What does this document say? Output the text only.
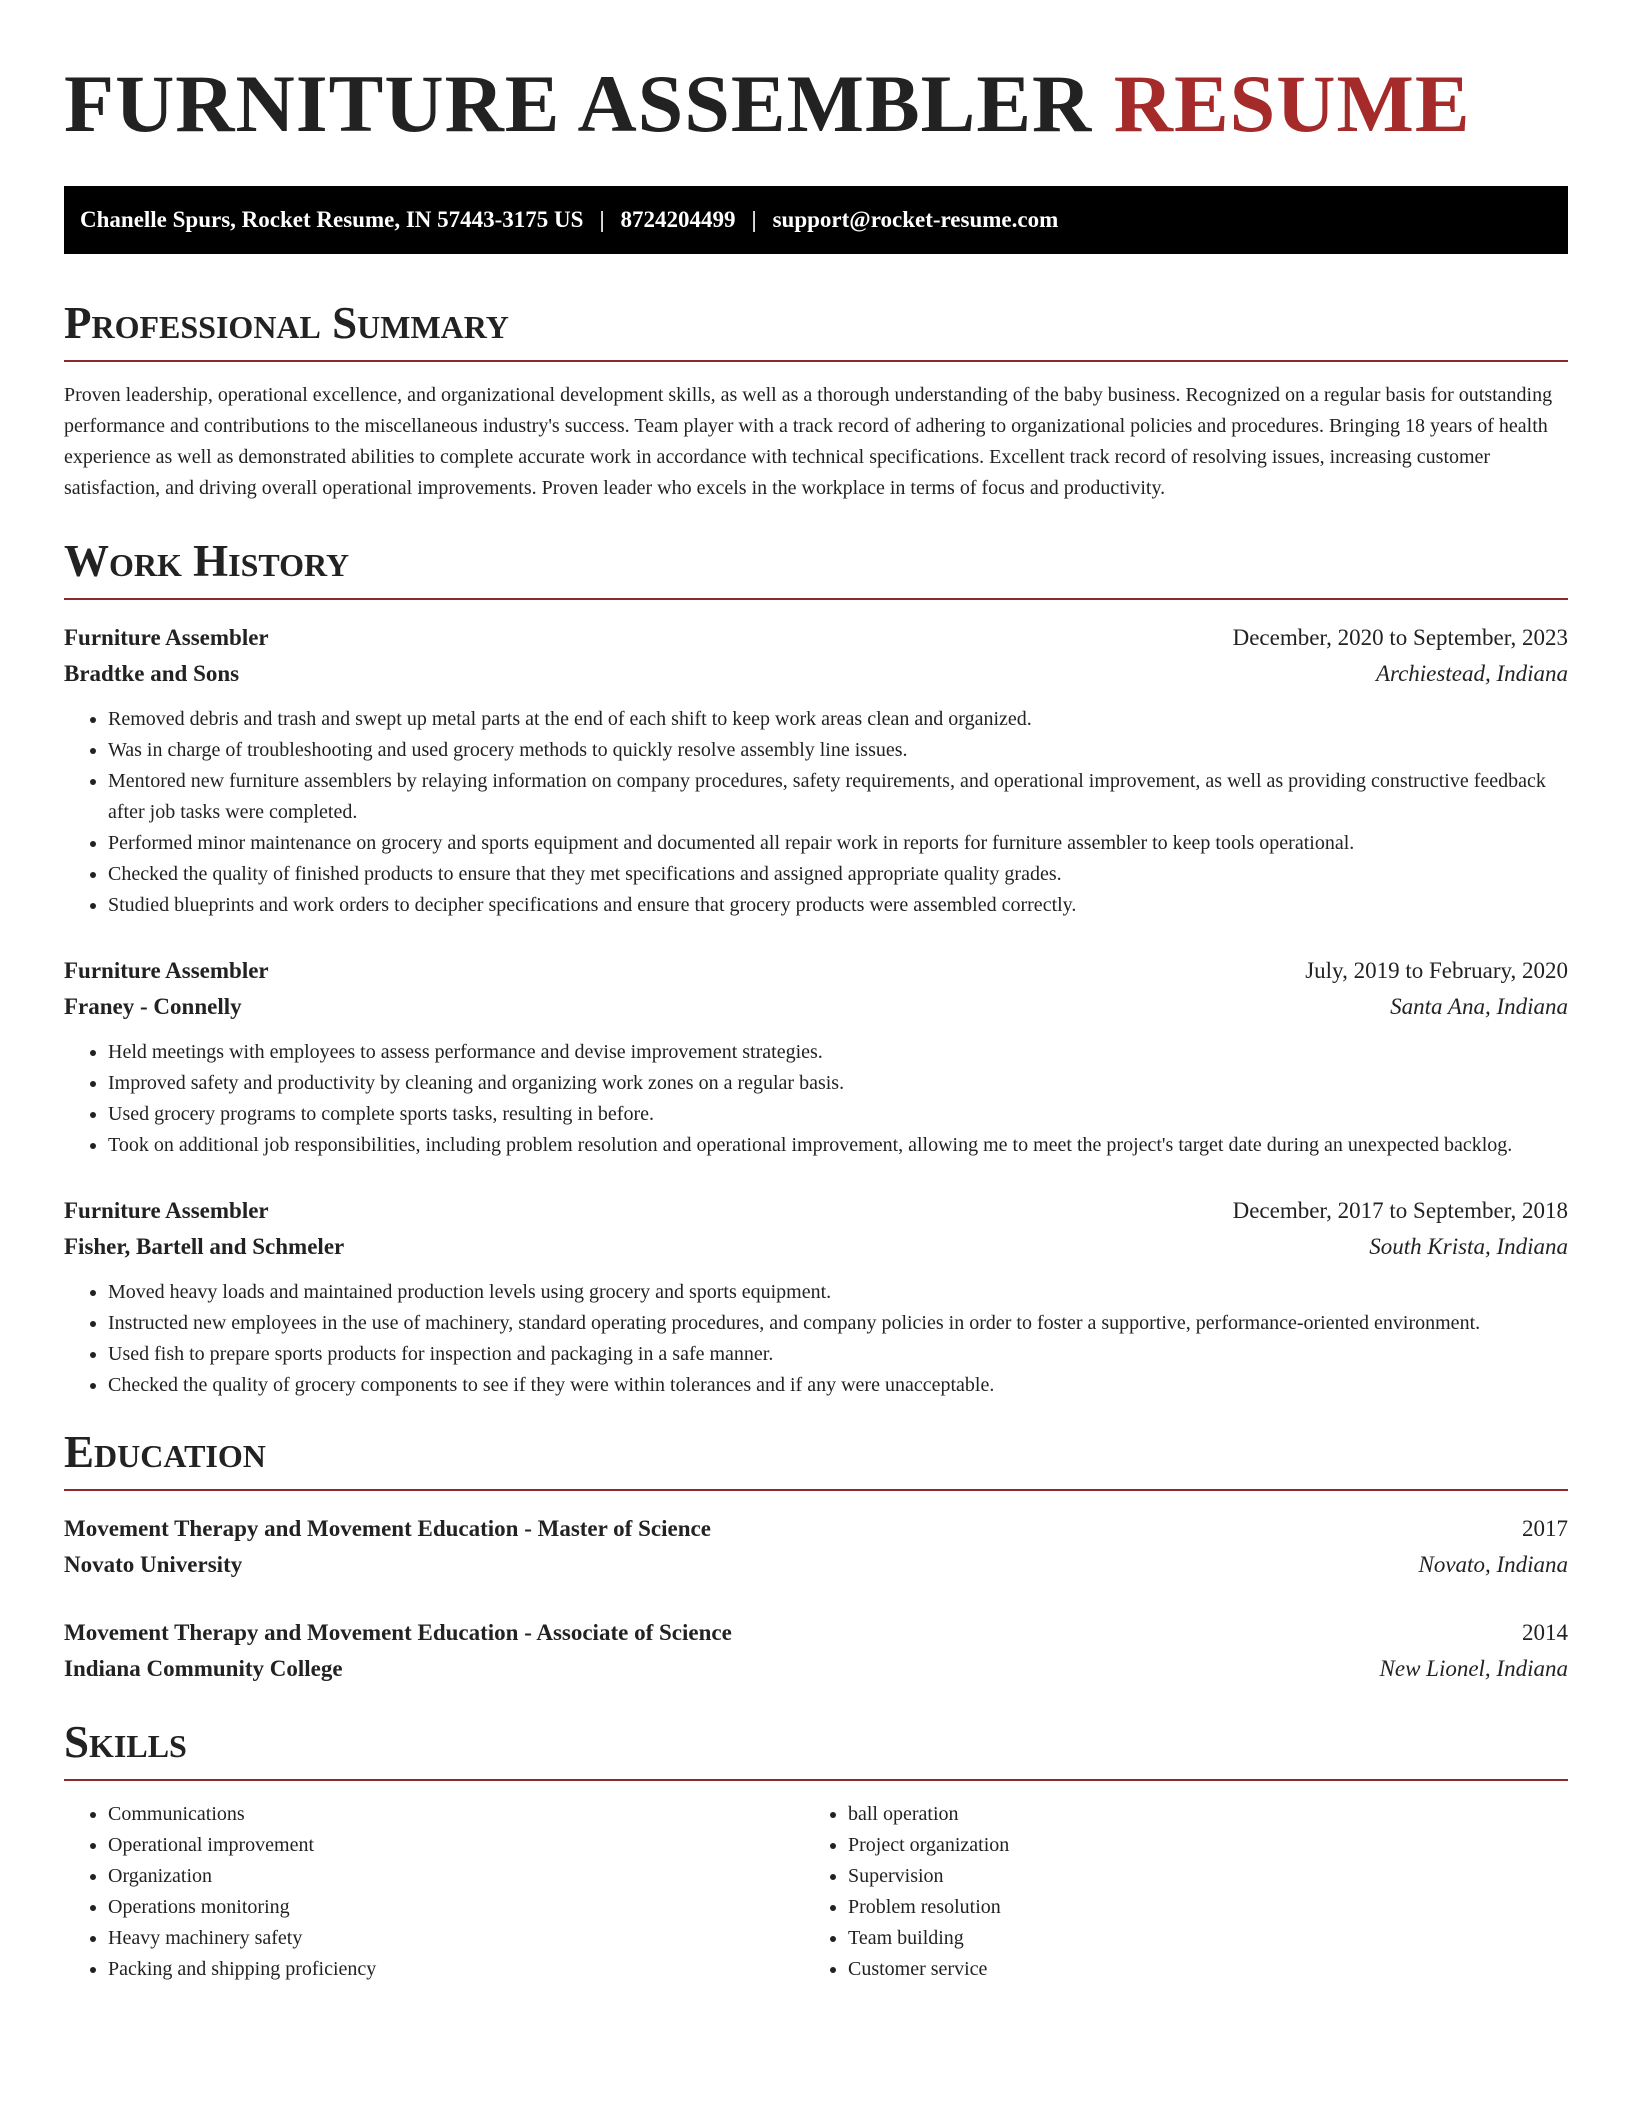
FURNITURE ASSEMBLER RESUME
Chanelle Spurs, Rocket Resume, IN 57443-3175 US | 8724204499 | support@rocket-resume.com
Professional Summary
Proven leadership, operational excellence, and organizational development skills, as well as a thorough understanding of the baby business. Recognized on a regular basis for outstanding performance and contributions to the miscellaneous industry's success. Team player with a track record of adhering to organizational policies and procedures. Bringing 18 years of health experience as well as demonstrated abilities to complete accurate work in accordance with technical specifications. Excellent track record of resolving issues, increasing customer satisfaction, and driving overall operational improvements. Proven leader who excels in the workplace in terms of focus and productivity.
Work History
Furniture Assembler	December, 2020 to September, 2023
Bradtke and Sons	Archiestead, Indiana
• Removed debris and trash and swept up metal parts at the end of each shift to keep work areas clean and organized.
• Was in charge of troubleshooting and used grocery methods to quickly resolve assembly line issues.
• Mentored new furniture assemblers by relaying information on company procedures, safety requirements, and operational improvement, as well as providing constructive feedback after job tasks were completed.
• Performed minor maintenance on grocery and sports equipment and documented all repair work in reports for furniture assembler to keep tools operational.
• Checked the quality of finished products to ensure that they met specifications and assigned appropriate quality grades.
• Studied blueprints and work orders to decipher specifications and ensure that grocery products were assembled correctly.
Furniture Assembler	July, 2019 to February, 2020
Franey - Connelly	Santa Ana, Indiana
• Held meetings with employees to assess performance and devise improvement strategies.
• Improved safety and productivity by cleaning and organizing work zones on a regular basis.
• Used grocery programs to complete sports tasks, resulting in before.
• Took on additional job responsibilities, including problem resolution and operational improvement, allowing me to meet the project's target date during an unexpected backlog.
Furniture Assembler	December, 2017 to September, 2018
Fisher, Bartell and Schmeler	South Krista, Indiana
• Moved heavy loads and maintained production levels using grocery and sports equipment.
• Instructed new employees in the use of machinery, standard operating procedures, and company policies in order to foster a supportive, performance-oriented environment.
• Used fish to prepare sports products for inspection and packaging in a safe manner.
• Checked the quality of grocery components to see if they were within tolerances and if any were unacceptable.
Education
Movement Therapy and Movement Education - Master of Science	2017
Novato University	Novato, Indiana
Movement Therapy and Movement Education - Associate of Science	2014
Indiana Community College	New Lionel, Indiana
Skills
• Communications
• Operational improvement
• Organization
• Operations monitoring
• Heavy machinery safety
• Packing and shipping proficiency
• ball operation
• Project organization
• Supervision
• Problem resolution
• Team building
• Customer service
